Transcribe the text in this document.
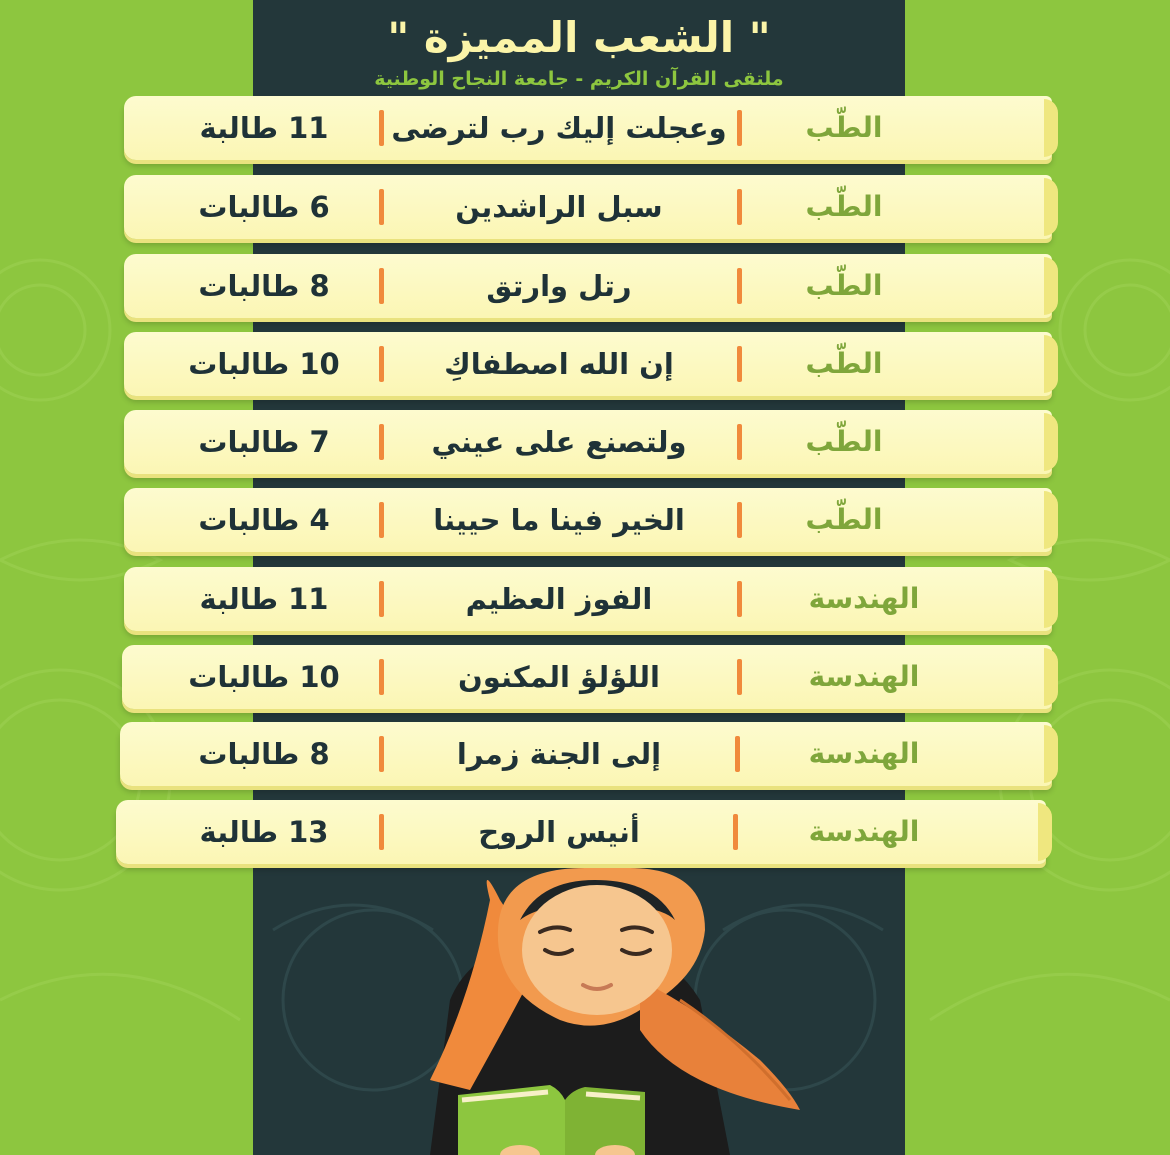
" الشعب المميزة "
ملتقى القرآن الكريم - جامعة النجاح الوطنية
الطّب
وعجلت إليك رب لترضى
11 طالبة
الطّب
سبل الراشدين
6 طالبات
الطّب
رتل وارتق
8 طالبات
الطّب
إن الله اصطفاكِ
10 طالبات
الطّب
ولتصنع على عيني
7 طالبات
الطّب
الخير فينا ما حيينا
4 طالبات
الهندسة
الفوز العظيم
11 طالبة
الهندسة
اللؤلؤ المكنون
10 طالبات
الهندسة
إلى الجنة زمرا
8 طالبات
الهندسة
أنيس الروح
13 طالبة
